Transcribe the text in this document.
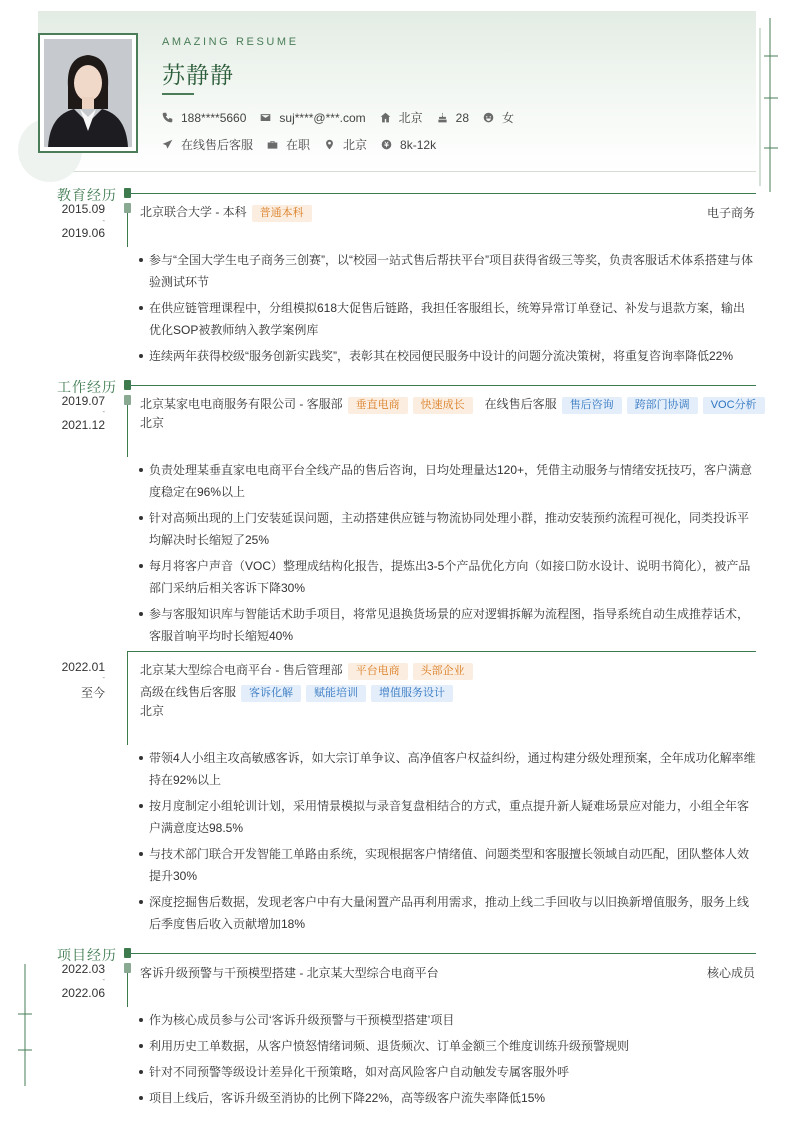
AMAZING RESUME
苏静静
188****5660	suj****@***.com	北京	28	女
在线售后客服	在职	北京	8k-12k
教育经历
2015.09
-
2019.06
北京联合大学 - 本科 普通本科	电子商务
参与“全国大学生电子商务三创赛”，以“校园一站式售后帮扶平台”项目获得省级三等奖，负责客服话术体系搭建与体验测试环节
在供应链管理课程中，分组模拟618大促售后链路，我担任客服组长，统筹异常订单登记、补发与退款方案，输出优化SOP被教师纳入教学案例库
连续两年获得校级“服务创新实践奖”，表彰其在校园便民服务中设计的问题分流决策树，将重复咨询率降低22%
工作经历
2019.07
-
2021.12
北京某家电电商服务有限公司 - 客服部 垂直电商 快速成长 在线售后客服 售后咨询 跨部门协调 VOC分析
北京
负责处理某垂直家电电商平台全线产品的售后咨询，日均处理量达120+，凭借主动服务与情绪安抚技巧，客户满意度稳定在96%以上
针对高频出现的上门安装延误问题，主动搭建供应链与物流协同处理小群，推动安装预约流程可视化，同类投诉平均解决时长缩短了25%
每月将客户声音（VOC）整理成结构化报告，提炼出3-5个产品优化方向（如接口防水设计、说明书简化），被产品部门采纳后相关客诉下降30%
参与客服知识库与智能话术助手项目，将常见退换货场景的应对逻辑拆解为流程图，指导系统自动生成推荐话术，客服首响平均时长缩短40%
2022.01
-
至今
北京某大型综合电商平台 - 售后管理部 平台电商 头部企业
高级在线售后客服 客诉化解 赋能培训 增值服务设计
北京
带领4人小组主攻高敏感客诉，如大宗订单争议、高净值客户权益纠纷，通过构建分级处理预案，全年成功化解率维持在92%以上
按月度制定小组轮训计划，采用情景模拟与录音复盘相结合的方式，重点提升新人疑难场景应对能力，小组全年客户满意度达98.5%
与技术部门联合开发智能工单路由系统，实现根据客户情绪值、问题类型和客服擅长领域自动匹配，团队整体人效提升30%
深度挖掘售后数据，发现老客户中有大量闲置产品再利用需求，推动上线二手回收与以旧换新增值服务，服务上线后季度售后收入贡献增加18%
项目经历
2022.03
-
2022.06
客诉升级预警与干预模型搭建 - 北京某大型综合电商平台	核心成员
作为核心成员参与公司‘客诉升级预警与干预模型搭建’项目
利用历史工单数据，从客户愤怒情绪词频、退货频次、订单金额三个维度训练升级预警规则
针对不同预警等级设计差异化干预策略，如对高风险客户自动触发专属客服外呼
项目上线后，客诉升级至消协的比例下降22%，高等级客户流失率降低15%
